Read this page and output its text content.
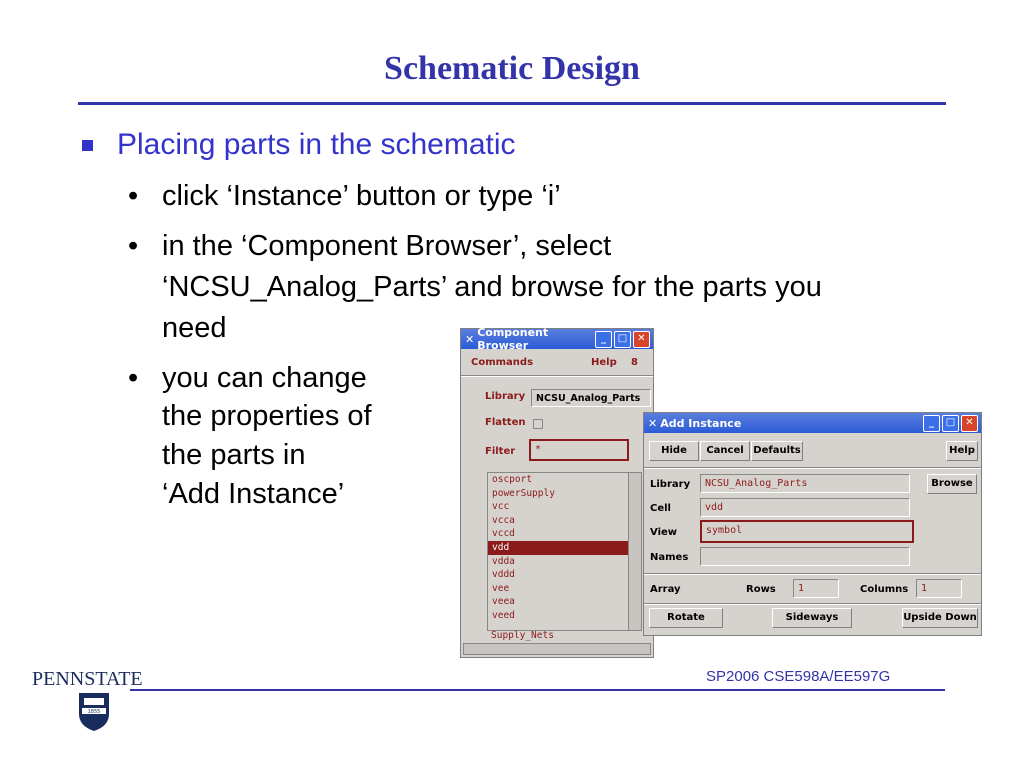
Schematic Design
Placing parts in the schematic
• click ‘Instance’ button or type ‘i’
• in the ‘Component Browser’, select
‘NCSU_Analog_Parts’ and browse for the parts you
need
• you can change
the properties of
the parts in
‘Add Instance’
✕ Component Browser
_	□	✕
Commands	Help 8
Library	NCSU_Analog_Parts
Flatten
Filter	*
oscport
powerSupply
vcc
vcca
vccd
vdd
vdda
vddd
vee
veea
veed
Supply_Nets
✕ Add Instance	_	□	✕
Hide	Cancel Defaults	Help
Library	NCSU_Analog_Parts	Browse
Cell	vdd
View	symbol
Names
Array	Rows	1	Columns	1
Rotate	Sideways	Upside Down
PENNSTATE
1855
SP2006 CSE598A/EE597G
